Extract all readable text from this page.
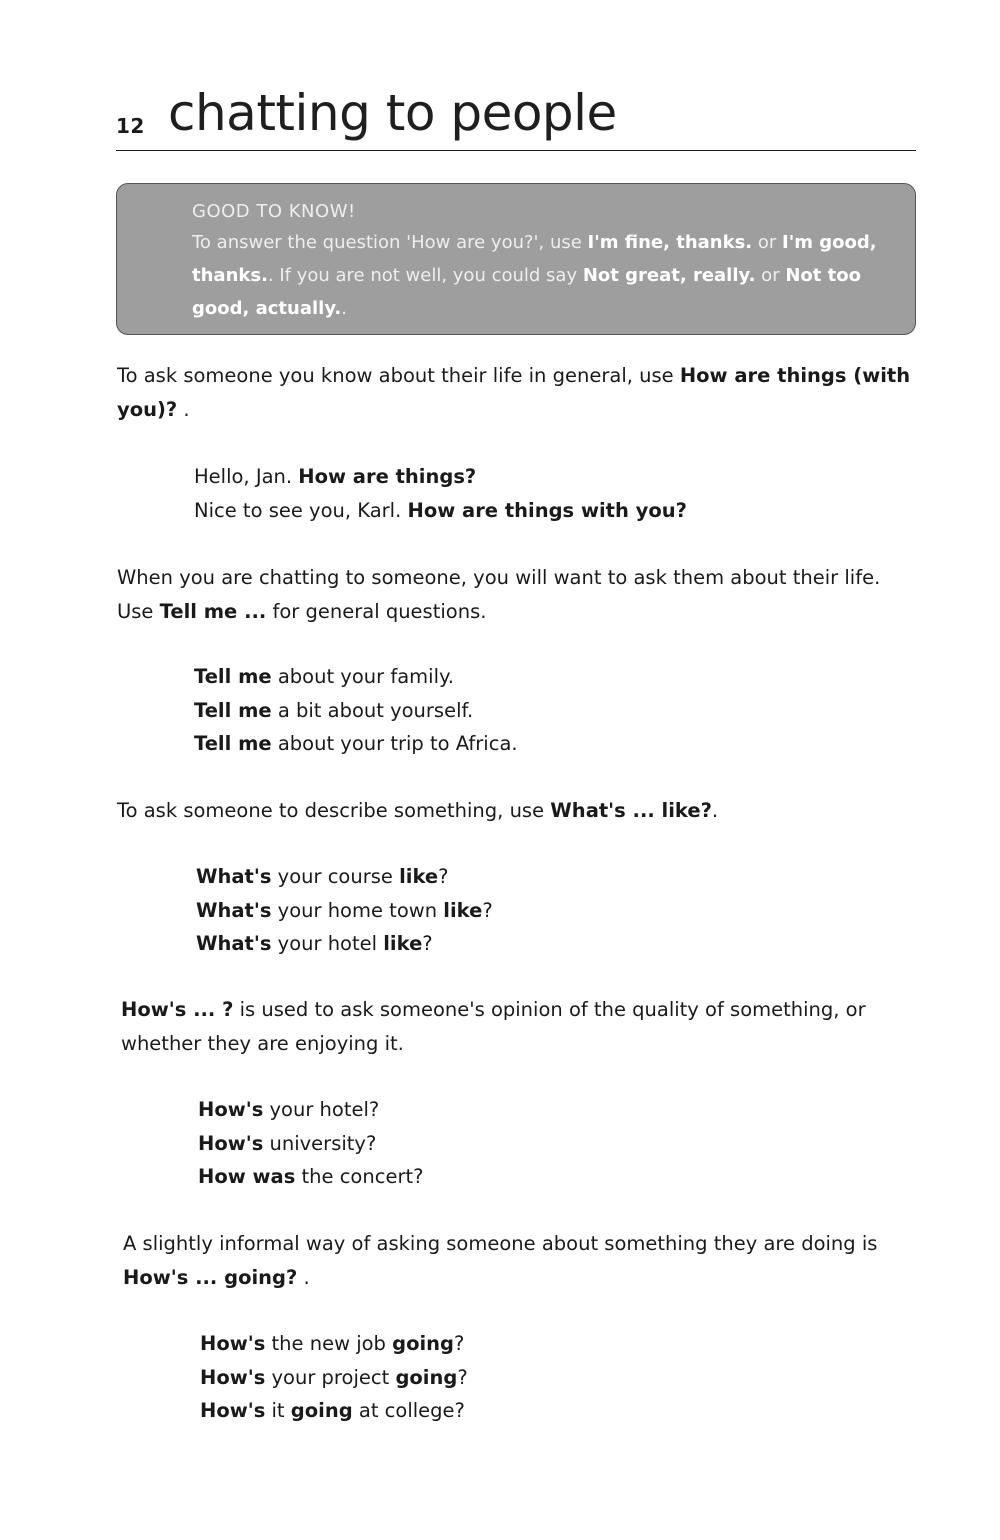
12 chatting to people
GOOD TO KNOW!
To answer the question 'How are you?', use I'm fine, thanks. or I'm good, thanks.. If you are not well, you could say Not great, really. or Not too good, actually..
To ask someone you know about their life in general, use How are things (with you)? .
Hello, Jan. How are things?
Nice to see you, Karl. How are things with you?
When you are chatting to someone, you will want to ask them about their life. Use Tell me ... for general questions.
Tell me about your family.
Tell me a bit about yourself.
Tell me about your trip to Africa.
To ask someone to describe something, use What's ... like?.
What's your course like?
What's your home town like?
What's your hotel like?
How's ... ? is used to ask someone's opinion of the quality of something, or whether they are enjoying it.
How's your hotel?
How's university?
How was the concert?
A slightly informal way of asking someone about something they are doing is How's ... going? .
How's the new job going?
How's your project going?
How's it going at college?
